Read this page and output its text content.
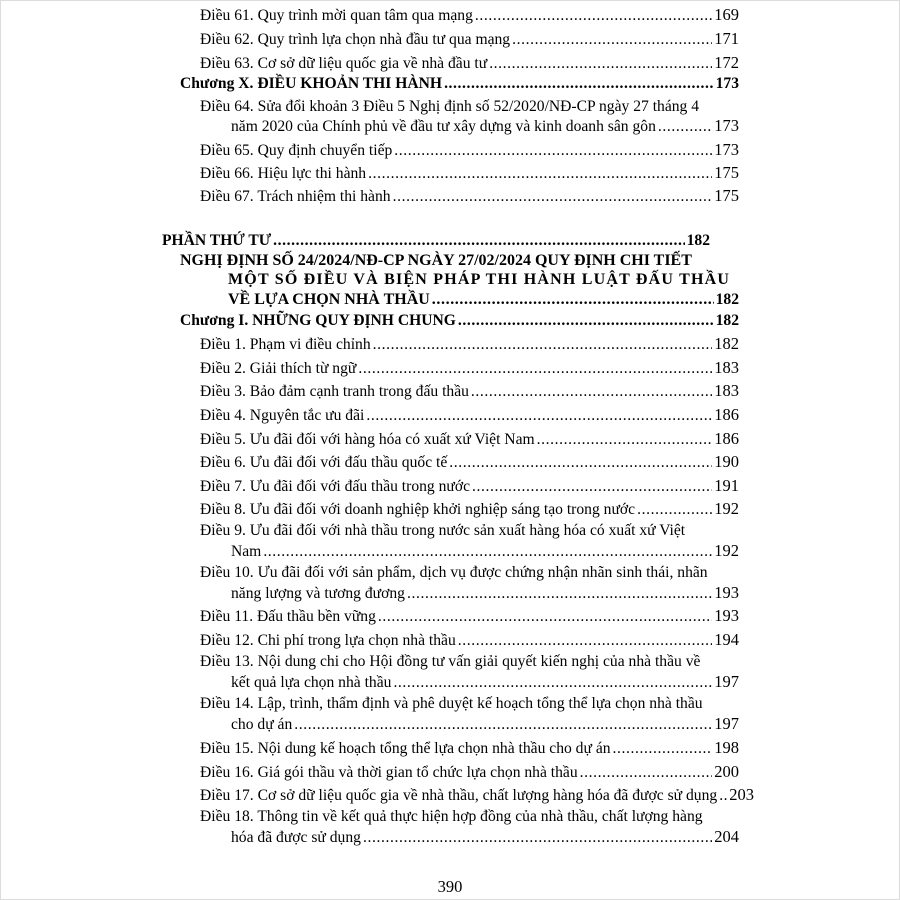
Điều 61. Quy trình mời quan tâm qua mạng .....	169
Điều 62. Quy trình lựa chọn nhà đầu tư qua mạng .....	171
Điều 63. Cơ sở dữ liệu quốc gia về nhà đầu tư .....	172
Chương X. ĐIỀU KHOẢN THI HÀNH .....	173
Điều 64. Sửa đổi khoản 3 Điều 5 Nghị định số 52/2020/NĐ-CP ngày 27 tháng 4
năm 2020 của Chính phủ về đầu tư xây dựng và kinh doanh sân gôn .....	173
Điều 65. Quy định chuyển tiếp .....	173
Điều 66. Hiệu lực thi hành .....	175
Điều 67. Trách nhiệm thi hành .....	175
PHẦN THỨ TƯ .....	182
NGHỊ ĐỊNH SỐ 24/2024/NĐ-CP NGÀY 27/02/2024 QUY ĐỊNH CHI TIẾT
MỘT SỐ ĐIỀU VÀ BIỆN PHÁP THI HÀNH LUẬT ĐẤU THẦU
VỀ LỰA CHỌN NHÀ THẦU .....	182
Chương I. NHỮNG QUY ĐỊNH CHUNG .....	182
Điều 1. Phạm vi điều chỉnh .....	182
Điều 2. Giải thích từ ngữ .....	183
Điều 3. Bảo đảm cạnh tranh trong đấu thầu .....	183
Điều 4. Nguyên tắc ưu đãi .....	186
Điều 5. Ưu đãi đối với hàng hóa có xuất xứ Việt Nam .....	186
Điều 6. Ưu đãi đối với đấu thầu quốc tế .....	190
Điều 7. Ưu đãi đối với đấu thầu trong nước .....	191
Điều 8. Ưu đãi đối với doanh nghiệp khởi nghiệp sáng tạo trong nước .....	192
Điều 9. Ưu đãi đối với nhà thầu trong nước sản xuất hàng hóa có xuất xứ Việt
Nam .....	192
Điều 10. Ưu đãi đối với sản phẩm, dịch vụ được chứng nhận nhãn sinh thái, nhãn
năng lượng và tương đương .....	193
Điều 11. Đấu thầu bền vững .....	193
Điều 12. Chi phí trong lựa chọn nhà thầu .....	194
Điều 13. Nội dung chi cho Hội đồng tư vấn giải quyết kiến nghị của nhà thầu về
kết quả lựa chọn nhà thầu .....	197
Điều 14. Lập, trình, thẩm định và phê duyệt kế hoạch tổng thể lựa chọn nhà thầu
cho dự án .....	197
Điều 15. Nội dung kế hoạch tổng thể lựa chọn nhà thầu cho dự án .....	198
Điều 16. Giá gói thầu và thời gian tổ chức lựa chọn nhà thầu .....	200
Điều 17. Cơ sở dữ liệu quốc gia về nhà thầu, chất lượng hàng hóa đã được sử dụng ..... 203
Điều 18. Thông tin về kết quả thực hiện hợp đồng của nhà thầu, chất lượng hàng
hóa đã được sử dụng .....	204
390
